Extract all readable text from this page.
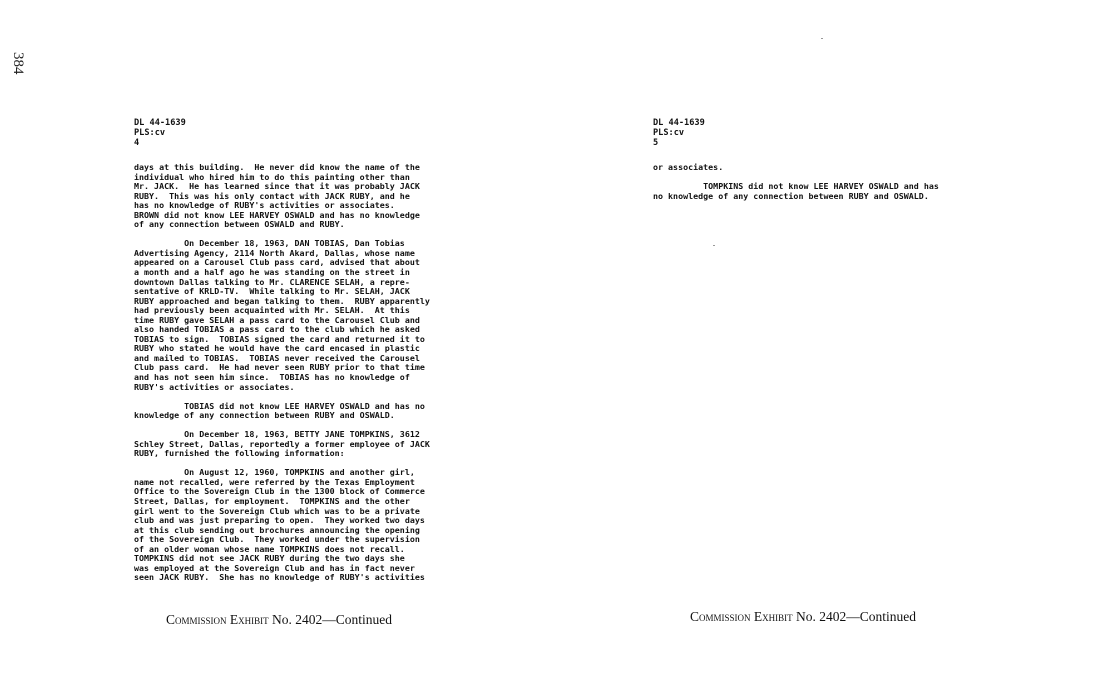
384
DL 44-1639
PLS:cv
4

days at this building.  He never did know the name of the
individual who hired him to do this painting other than
Mr. JACK.  He has learned since that it was probably JACK
RUBY.  This was his only contact with JACK RUBY, and he
has no knowledge of RUBY's activities or associates.
BROWN did not know LEE HARVEY OSWALD and has no knowledge
of any connection between OSWALD and RUBY.

On December 18, 1963, DAN TOBIAS, Dan Tobias
Advertising Agency, 2114 North Akard, Dallas, whose name
appeared on a Carousel Club pass card, advised that about
a month and a half ago he was standing on the street in
downtown Dallas talking to Mr. CLARENCE SELAH, a repre-
sentative of KRLD-TV.  While talking to Mr. SELAH, JACK
RUBY approached and began talking to them.  RUBY apparently
had previously been acquainted with Mr. SELAH.  At this
time RUBY gave SELAH a pass card to the Carousel Club and
also handed TOBIAS a pass card to the club which he asked
TOBIAS to sign.  TOBIAS signed the card and returned it to
RUBY who stated he would have the card encased in plastic
and mailed to TOBIAS.  TOBIAS never received the Carousel
Club pass card.  He had never seen RUBY prior to that time
and has not seen him since.  TOBIAS has no knowledge of
RUBY's activities or associates.

TOBIAS did not know LEE HARVEY OSWALD and has no
knowledge of any connection between RUBY and OSWALD.

On December 18, 1963, BETTY JANE TOMPKINS, 3612
Schley Street, Dallas, reportedly a former employee of JACK
RUBY, furnished the following information:

On August 12, 1960, TOMPKINS and another girl,
name not recalled, were referred by the Texas Employment
Office to the Sovereign Club in the 1300 block of Commerce
Street, Dallas, for employment.  TOMPKINS and the other
girl went to the Sovereign Club which was to be a private
club and was just preparing to open.  They worked two days
at this club sending out brochures announcing the opening
of the Sovereign Club.  They worked under the supervision
of an older woman whose name TOMPKINS does not recall.
TOMPKINS did not see JACK RUBY during the two days she
was employed at the Sovereign Club and has in fact never
seen JACK RUBY.  She has no knowledge of RUBY's activities

Commission Exhibit No. 2402—Continued
DL 44-1639
PLS:cv
5

or associates.

TOMPKINS did not know LEE HARVEY OSWALD and has
no knowledge of any connection between RUBY and OSWALD.

Commission Exhibit No. 2402—Continued
